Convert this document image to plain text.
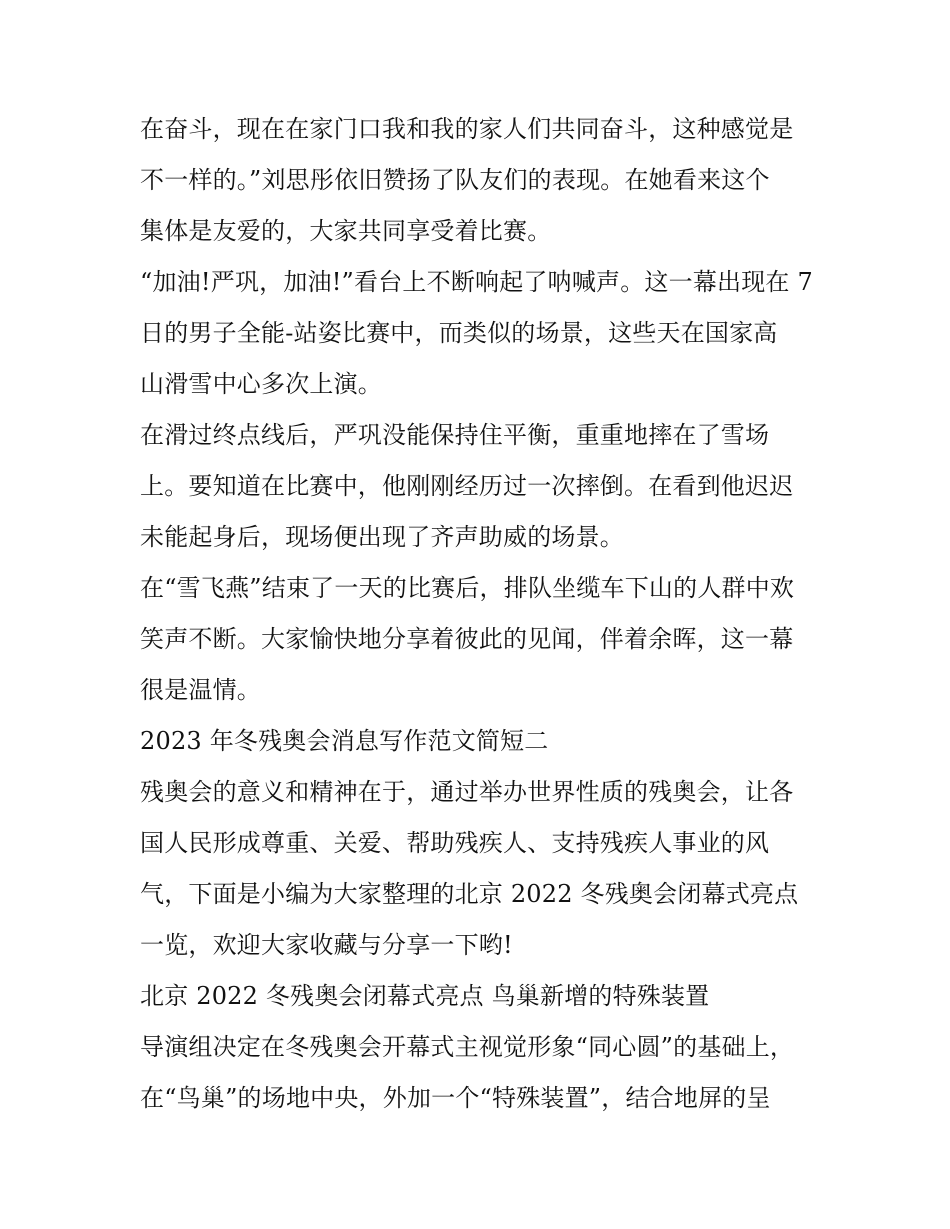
在奋斗，现在在家门口我和我的家人们共同奋斗，这种感觉是
不一样的。”刘思彤依旧赞扬了队友们的表现。在她看来这个
集体是友爱的，大家共同享受着比赛。
“加油!严巩，加油!”看台上不断响起了呐喊声。这一幕出现在 7
日的男子全能-站姿比赛中，而类似的场景，这些天在国家高
山滑雪中心多次上演。
在滑过终点线后，严巩没能保持住平衡，重重地摔在了雪场
上。要知道在比赛中，他刚刚经历过一次摔倒。在看到他迟迟
未能起身后，现场便出现了齐声助威的场景。
在“雪飞燕”结束了一天的比赛后，排队坐缆车下山的人群中欢
笑声不断。大家愉快地分享着彼此的见闻，伴着余晖，这一幕
很是温情。
2023 年冬残奥会消息写作范文简短二
残奥会的意义和精神在于，通过举办世界性质的残奥会，让各
国人民形成尊重、关爱、帮助残疾人、支持残疾人事业的风
气，下面是小编为大家整理的北京 2022 冬残奥会闭幕式亮点
一览，欢迎大家收藏与分享一下哟!
北京 2022 冬残奥会闭幕式亮点 鸟巢新增的特殊装置
导演组决定在冬残奥会开幕式主视觉形象“同心圆”的基础上，
在“鸟巢”的场地中央，外加一个“特殊装置”，结合地屏的呈
